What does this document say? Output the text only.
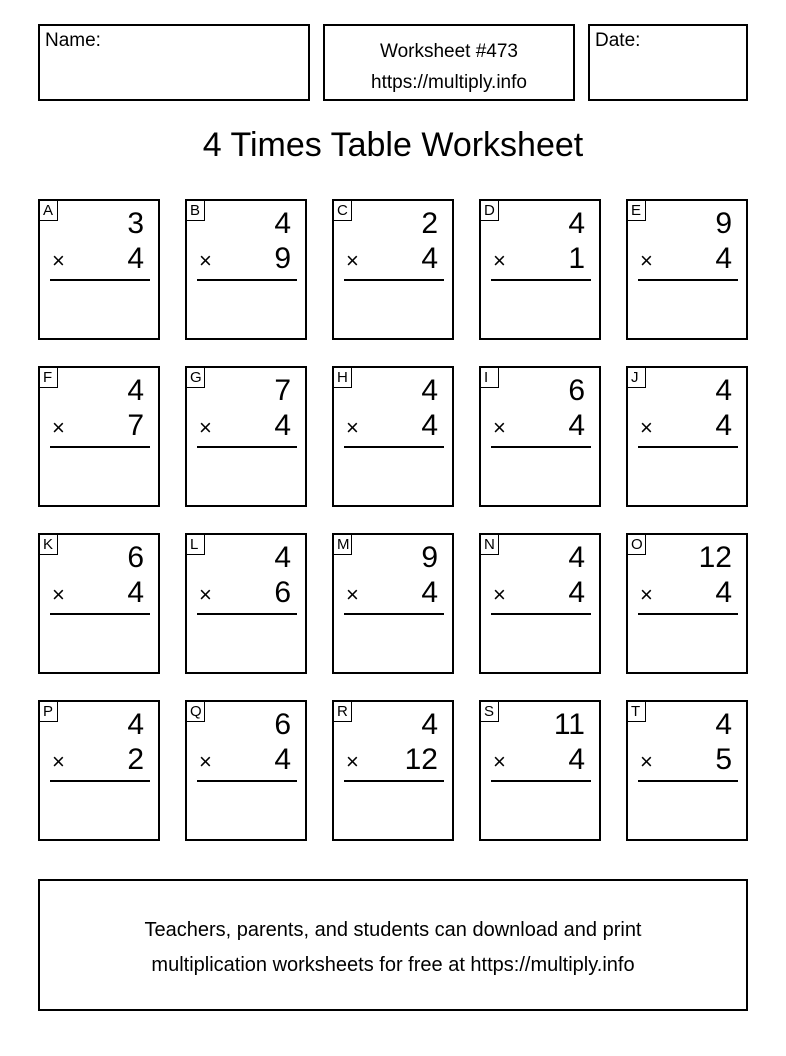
Name:
Worksheet #473
https://multiply.info
Date:
4 Times Table Worksheet
A 3
× 4
B 4
× 9
C 2
× 4
D 4
× 1
E 9
× 4
F	4
× 7
G 7
× 4
H 4
× 4
I	6
× 4
J	4
× 4
K 6
× 4
L	4
× 6
M 9
× 4
N 4
× 4
O 12
× 4
P 4
× 2
Q 6
× 4
R 4
× 12
S 11
× 4
T	4
× 5
Teachers, parents, and students can download and print
multiplication worksheets for free at https://multiply.info
